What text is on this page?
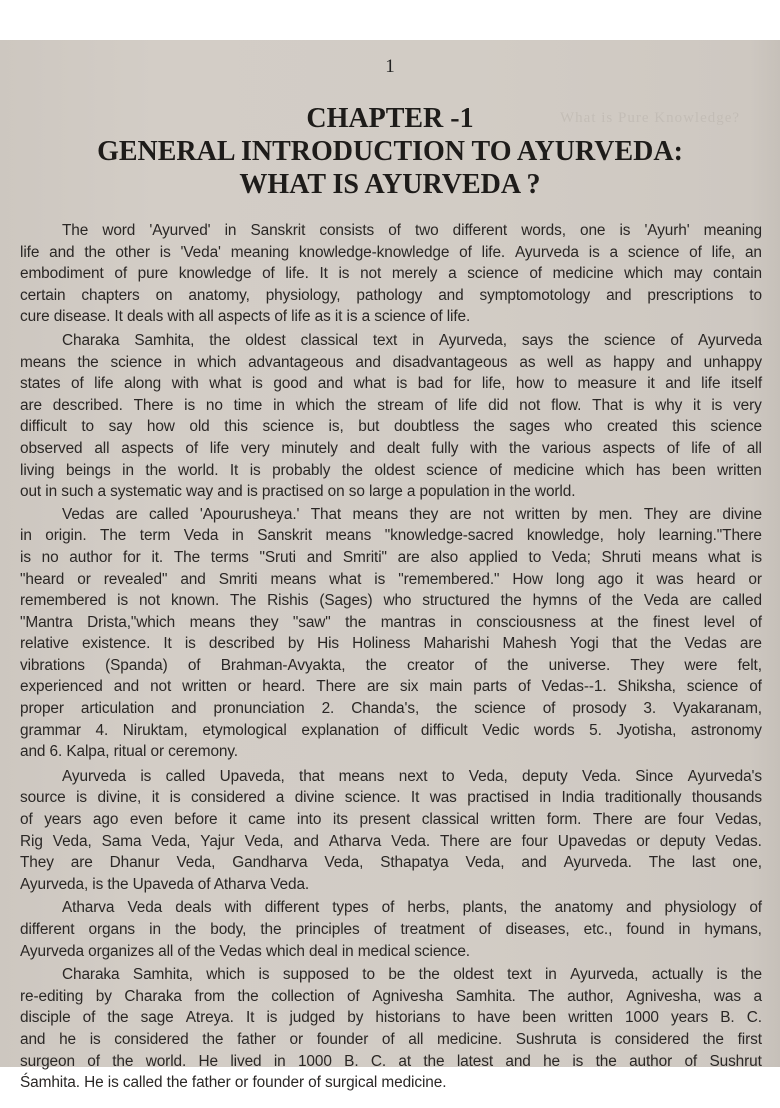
What is Pure Knowledge?
1
CHAPTER -1
GENERAL INTRODUCTION TO AYURVEDA:
WHAT IS AYURVEDA ?
The word 'Ayurved' in Sanskrit consists of two different words, one is 'Ayurh' meaning
life and the other is 'Veda' meaning knowledge-knowledge of life. Ayurveda is a science of life, an
embodiment of pure knowledge of life. It is not merely a science of medicine which may contain
certain chapters on anatomy, physiology, pathology and symptomotology and prescriptions to
cure disease. It deals with all aspects of life as it is a science of life.
Charaka Samhita, the oldest classical text in Ayurveda, says the science of Ayurveda
means the science in which advantageous and disadvantageous as well as happy and unhappy
states of life along with what is good and what is bad for life, how to measure it and life itself
are described. There is no time in which the stream of life did not flow. That is why it is very
difficult to say how old this science is, but doubtless the sages who created this science
observed all aspects of life very minutely and dealt fully with the various aspects of life of all
living beings in the world. It is probably the oldest science of medicine which has been written
out in such a systematic way and is practised on so large a population in the world.
Vedas are called 'Apourusheya.' That means they are not written by men. They are divine
in origin. The term Veda in Sanskrit means "knowledge-sacred knowledge, holy learning."There
is no author for it. The terms "Sruti and Smriti" are also applied to Veda; Shruti means what is
"heard or revealed" and Smriti means what is "remembered." How long ago it was heard or
remembered is not known. The Rishis (Sages) who structured the hymns of the Veda are called
"Mantra Drista,"which means they "saw" the mantras in consciousness at the finest level of
relative existence. It is described by His Holiness Maharishi Mahesh Yogi that the Vedas are
vibrations (Spanda) of Brahman-Avyakta, the creator of the universe. They were felt,
experienced and not written or heard. There are six main parts of Vedas--1. Shiksha, science of
proper articulation and pronunciation 2. Chanda's, the science of prosody 3. Vyakaranam,
grammar 4. Niruktam, etymological explanation of difficult Vedic words 5. Jyotisha, astronomy
and 6. Kalpa, ritual or ceremony.
Ayurveda is called Upaveda, that means next to Veda, deputy Veda. Since Ayurveda's
source is divine, it is considered a divine science. It was practised in India traditionally thousands
of years ago even before it came into its present classical written form. There are four Vedas,
Rig Veda, Sama Veda, Yajur Veda, and Atharva Veda. There are four Upavedas or deputy Vedas.
They are Dhanur Veda, Gandharva Veda, Sthapatya Veda, and Ayurveda. The last one,
Ayurveda, is the Upaveda of Atharva Veda.
Atharva Veda deals with different types of herbs, plants, the anatomy and physiology of
different organs in the body, the principles of treatment of diseases, etc., found in hymans,
Ayurveda organizes all of the Vedas which deal in medical science.
Charaka Samhita, which is supposed to be the oldest text in Ayurveda, actually is the
re-editing by Charaka from the collection of Agnivesha Samhita. The author, Agnivesha, was a
disciple of the sage Atreya. It is judged by historians to have been written 1000 years B. C.
and he is considered the father or founder of all medicine. Sushruta is considered the first
surgeon of the world. He lived in 1000 B. C. at the latest and he is the author of Sushrut
Śamhita. He is called the father or founder of surgical medicine.
